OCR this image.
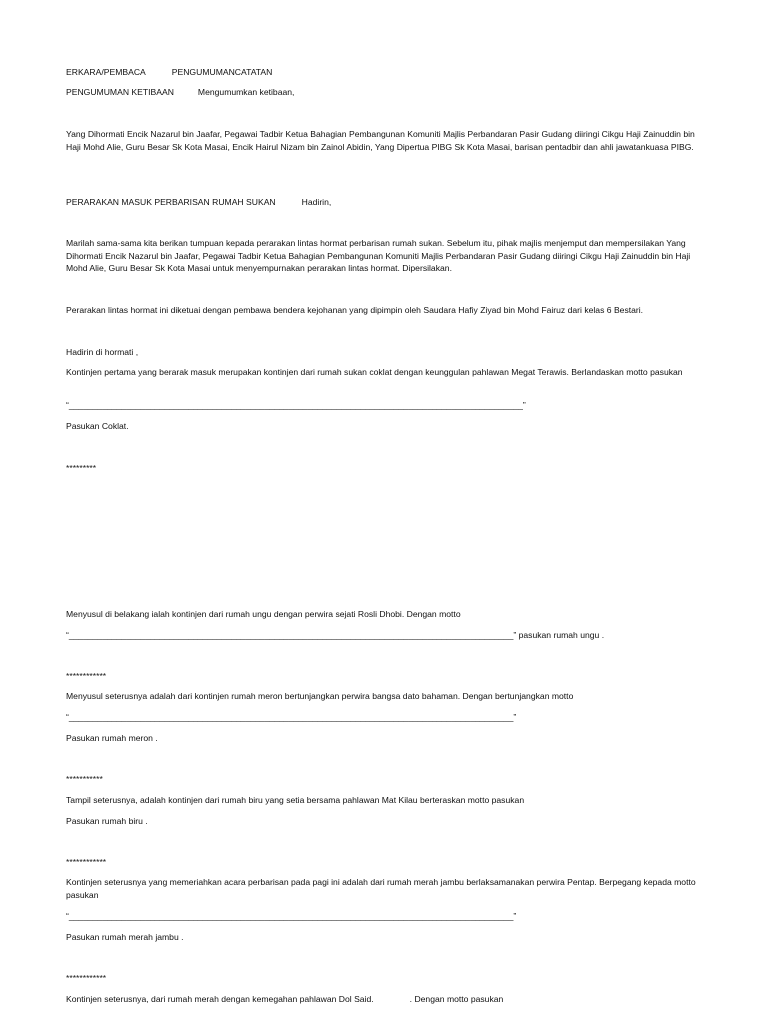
ERKARA/PEMBACA	PENGUMUMANCATATAN
PENGUMUMAN KETIBAAN	Mengumumkan ketibaan,
Yang Dihormati Encik Nazarul bin Jaafar, Pegawai Tadbir Ketua Bahagian Pembangunan Komuniti Majlis Perbandaran Pasir Gudang diiringi Cikgu Haji Zainuddin bin Haji Mohd Alie, Guru Besar Sk Kota Masai, Encik Hairul Nizam bin Zainol Abidin, Yang Dipertua PIBG Sk Kota Masai, barisan pentadbir dan ahli jawatankuasa PIBG.
PERARAKAN MASUK PERBARISAN RUMAH SUKAN	Hadirin,
Marilah sama-sama kita berikan tumpuan kepada perarakan lintas hormat perbarisan rumah sukan. Sebelum itu, pihak majlis menjemput dan mempersilakan Yang Dihormati Encik Nazarul bin Jaafar, Pegawai Tadbir Ketua Bahagian Pembangunan Komuniti Majlis Perbandaran Pasir Gudang diiringi Cikgu Haji Zainuddin bin Haji Mohd Alie, Guru Besar Sk Kota Masai untuk menyempurnakan perarakan lintas hormat. Dipersilakan.
Perarakan lintas hormat ini diketuai dengan pembawa bendera kejohanan yang dipimpin oleh Saudara Hafiy Ziyad bin Mohd Fairuz dari kelas 6 Bestari.
Hadirin di hormati ,
Kontinjen pertama yang berarak masuk merupakan kontinjen dari rumah sukan coklat dengan keunggulan pahlawan Megat Terawis. Berlandaskan motto pasukan
“_______________________________________________________________________________________________”
Pasukan Coklat.
*********
Menyusul di belakang ialah kontinjen dari rumah ungu dengan perwira sejati Rosli Dhobi. Dengan motto
“_____________________________________________________________________________________________” pasukan rumah ungu .
************
Menyusul seterusnya adalah dari kontinjen rumah meron bertunjangkan perwira bangsa dato bahaman. Dengan bertunjangkan motto
“_____________________________________________________________________________________________”
Pasukan rumah meron .
***********
Tampil seterusnya, adalah kontinjen dari rumah biru yang setia bersama pahlawan Mat Kilau berteraskan motto pasukan
Pasukan rumah biru .
************
Kontinjen seterusnya yang memeriahkan acara perbarisan pada pagi ini adalah dari rumah merah jambu berlaksamanakan perwira Pentap. Berpegang kepada motto pasukan
“_____________________________________________________________________________________________”
Pasukan rumah merah jambu .
************
Kontinjen seterusnya, dari rumah merah dengan kemegahan pahlawan Dol Said.	. Dengan motto pasukan
